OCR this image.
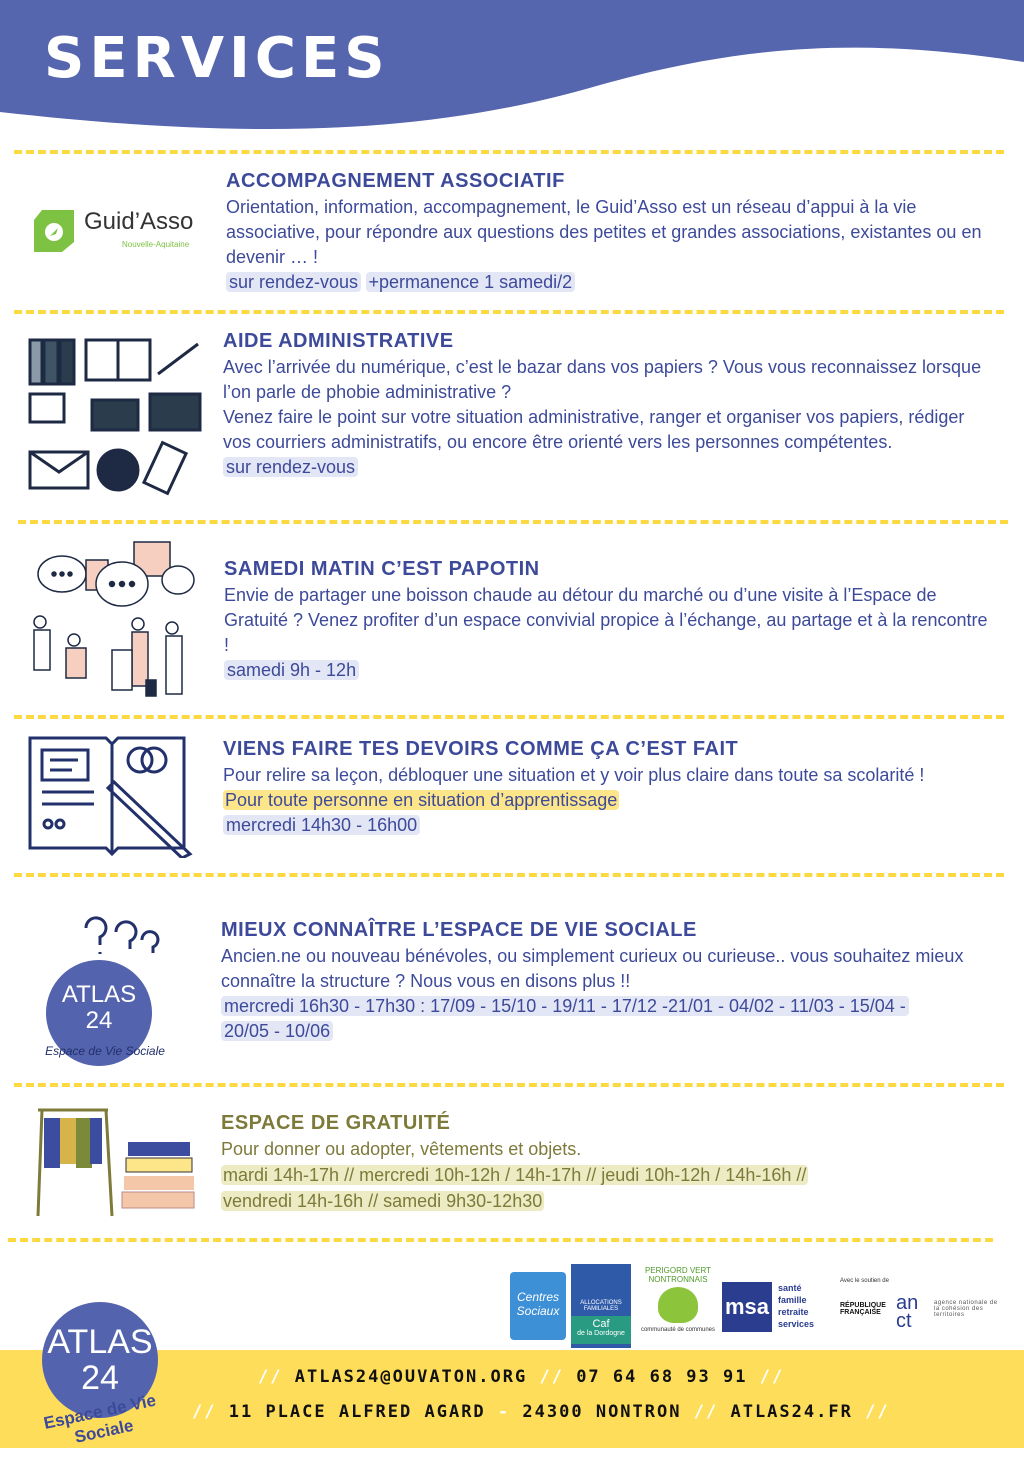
SERVICES
Guid’Asso
Nouvelle-Aquitaine
ACCOMPAGNEMENT ASSOCIATIF

Orientation, information, accompagnement, le Guid’Asso est un réseau d’appui à la vie associative, pour répondre aux questions des petites et grandes associations, existantes ou en devenir … !

sur rendez-vous +permanence 1 samedi/2
AIDE ADMINISTRATIVE

Avec l’arrivée du numérique, c’est le bazar dans vos papiers ? Vous vous reconnaissez lorsque l’on parle de phobie administrative ?

Venez faire le point sur votre situation administrative, ranger et organiser vos papiers, rédiger vos courriers administratifs, ou encore être orienté vers les personnes compétentes.

sur rendez-vous
SAMEDI MATIN C’EST PAPOTIN

Envie de partager une boisson chaude au détour du marché ou d’une visite à l’Espace de Gratuité ? Venez profiter d’un espace convivial propice à l’échange, au partage et à la rencontre !

samedi 9h - 12h
VIENS FAIRE TES DEVOIRS COMME ÇA C’EST FAIT

Pour relire sa leçon, débloquer une situation et y voir plus claire dans toute sa scolarité !

Pour toute personne en situation d’apprentissage

mercredi 14h30 - 16h00
ATLAS
24
Espace de Vie Sociale
MIEUX CONNAÎTRE L’ESPACE DE VIE SOCIALE

Ancien.ne ou nouveau bénévoles, ou simplement curieux ou curieuse.. vous souhaitez mieux connaître la structure ? Nous vous en disons plus !!

mercredi 16h30 - 17h30 : 17/09 - 15/10 - 19/11 - 17/12 -21/01 - 04/02 - 11/03 - 15/04 -
20/05 - 10/06
ESPACE DE GRATUITÉ

Pour donner ou adopter, vêtements et objets.

mardi 14h-17h // mercredi 10h-12h / 14h-17h // jeudi 10h-12h / 14h-16h //
vendredi 14h-16h // samedi 9h30-12h30
Centres Sociaux
ALLOCATIONS FAMILIALES
Caf
de la Dordogne
PERIGORD VERT NONTRONNAIS
communauté de communes
msa
santé
famille
retraite
services
Avec le soutien de
RÉPUBLIQUE FRANÇAISE an
ct
agence nationale de la cohésion des territoires
// ATLAS24@OUVATON.ORG // 07 64 68 93 91 //
// 11 PLACE ALFRED AGARD - 24300 NONTRON // ATLAS24.FR //
ATLAS
24
Espace de Vie Sociale
